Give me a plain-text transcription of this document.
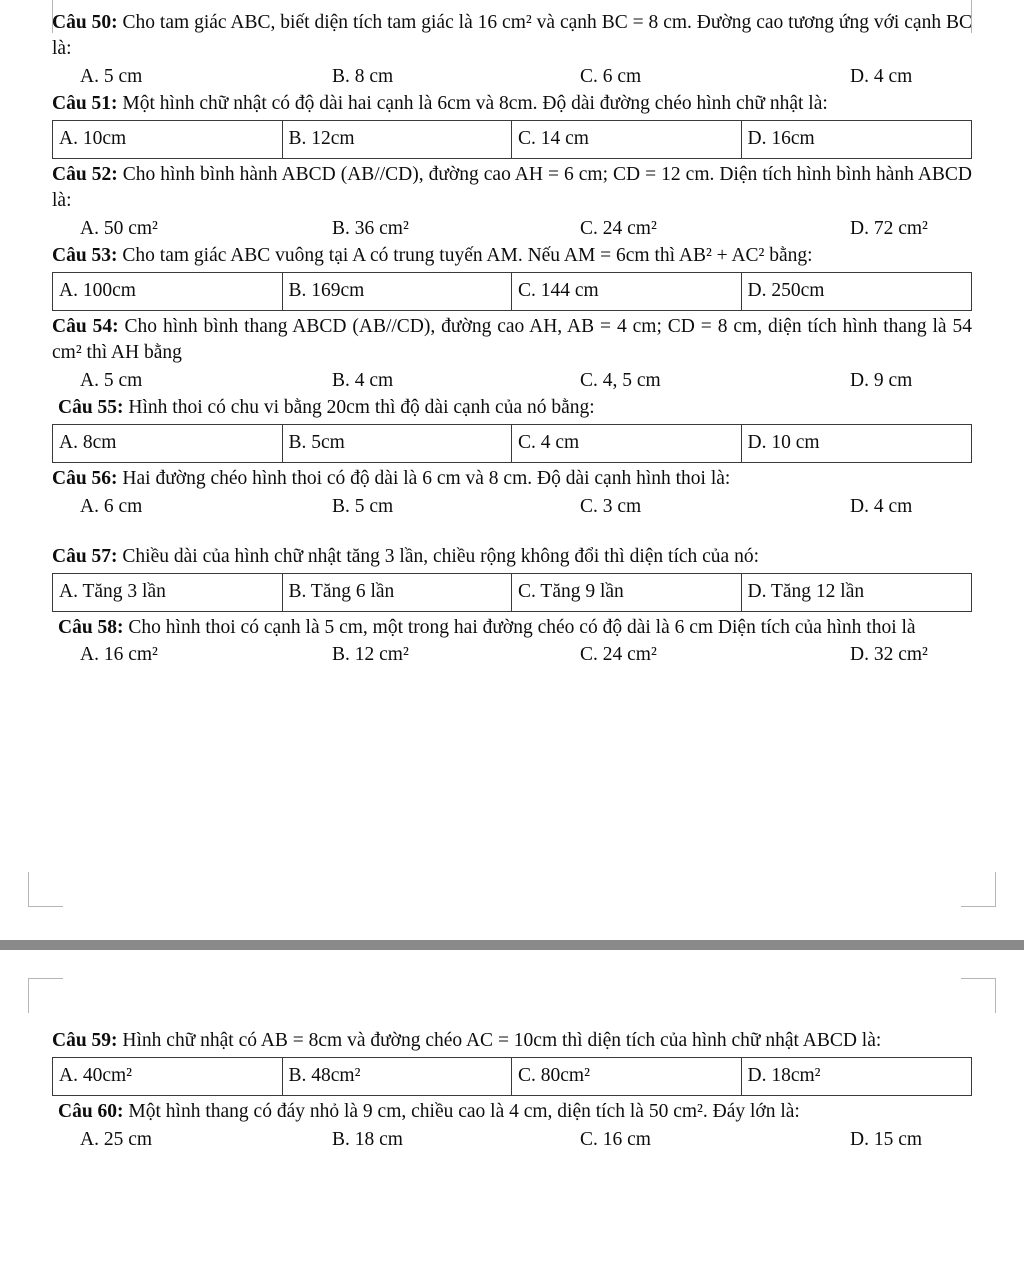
Câu 50: Cho tam giác ABC, biết diện tích tam giác là 16 cm² và cạnh BC = 8 cm. Đường cao tương ứng với cạnh BC là:

A. 5 cm	B. 8 cm	C. 6 cm	D. 4 cm

Câu 51: Một hình chữ nhật có độ dài hai cạnh là 6cm và 8cm. Độ dài đường chéo hình chữ nhật là:

A. 10cm	B. 12cm	C. 14 cm	D. 16cm

Câu 52: Cho hình bình hành ABCD (AB//CD), đường cao AH = 6 cm; CD = 12 cm. Diện tích hình bình hành ABCD là:

A. 50 cm²	B. 36 cm²	C. 24 cm²	D. 72 cm²

Câu 53: Cho tam giác ABC vuông tại A có trung tuyến AM. Nếu AM = 6cm thì AB² + AC² bằng:

A. 100cm	B. 169cm	C. 144 cm	D. 250cm

Câu 54: Cho hình bình thang ABCD (AB//CD), đường cao AH, AB = 4 cm; CD = 8 cm, diện tích hình thang là 54 cm² thì AH bằng

A. 5 cm	B. 4 cm	C. 4, 5 cm	D. 9 cm

Câu 55: Hình thoi có chu vi bằng 20cm thì độ dài cạnh của nó bằng:

A. 8cm	B. 5cm	C. 4 cm	D. 10 cm

Câu 56: Hai đường chéo hình thoi có độ dài là 6 cm và 8 cm. Độ dài cạnh hình thoi là:

A. 6 cm	B. 5 cm	C. 3 cm	D. 4 cm

Câu 57: Chiều dài của hình chữ nhật tăng 3 lần, chiều rộng không đổi thì diện tích của nó:

A. Tăng 3 lần	B. Tăng 6 lần	C. Tăng 9 lần	D. Tăng 12 lần

Câu 58: Cho hình thoi có cạnh là 5 cm, một trong hai đường chéo có độ dài là 6 cm Diện tích của hình thoi là

A. 16 cm²	B. 12 cm²	C. 24 cm²	D. 32 cm²

Câu 59: Hình chữ nhật có AB = 8cm và đường chéo AC = 10cm thì diện tích của hình chữ nhật ABCD là:

A. 40cm²	B. 48cm²	C. 80cm²	D. 18cm²

Câu 60: Một hình thang có đáy nhỏ là 9 cm, chiều cao là 4 cm, diện tích là 50 cm². Đáy lớn là:

A. 25 cm	B. 18 cm	C. 16 cm	D. 15 cm
